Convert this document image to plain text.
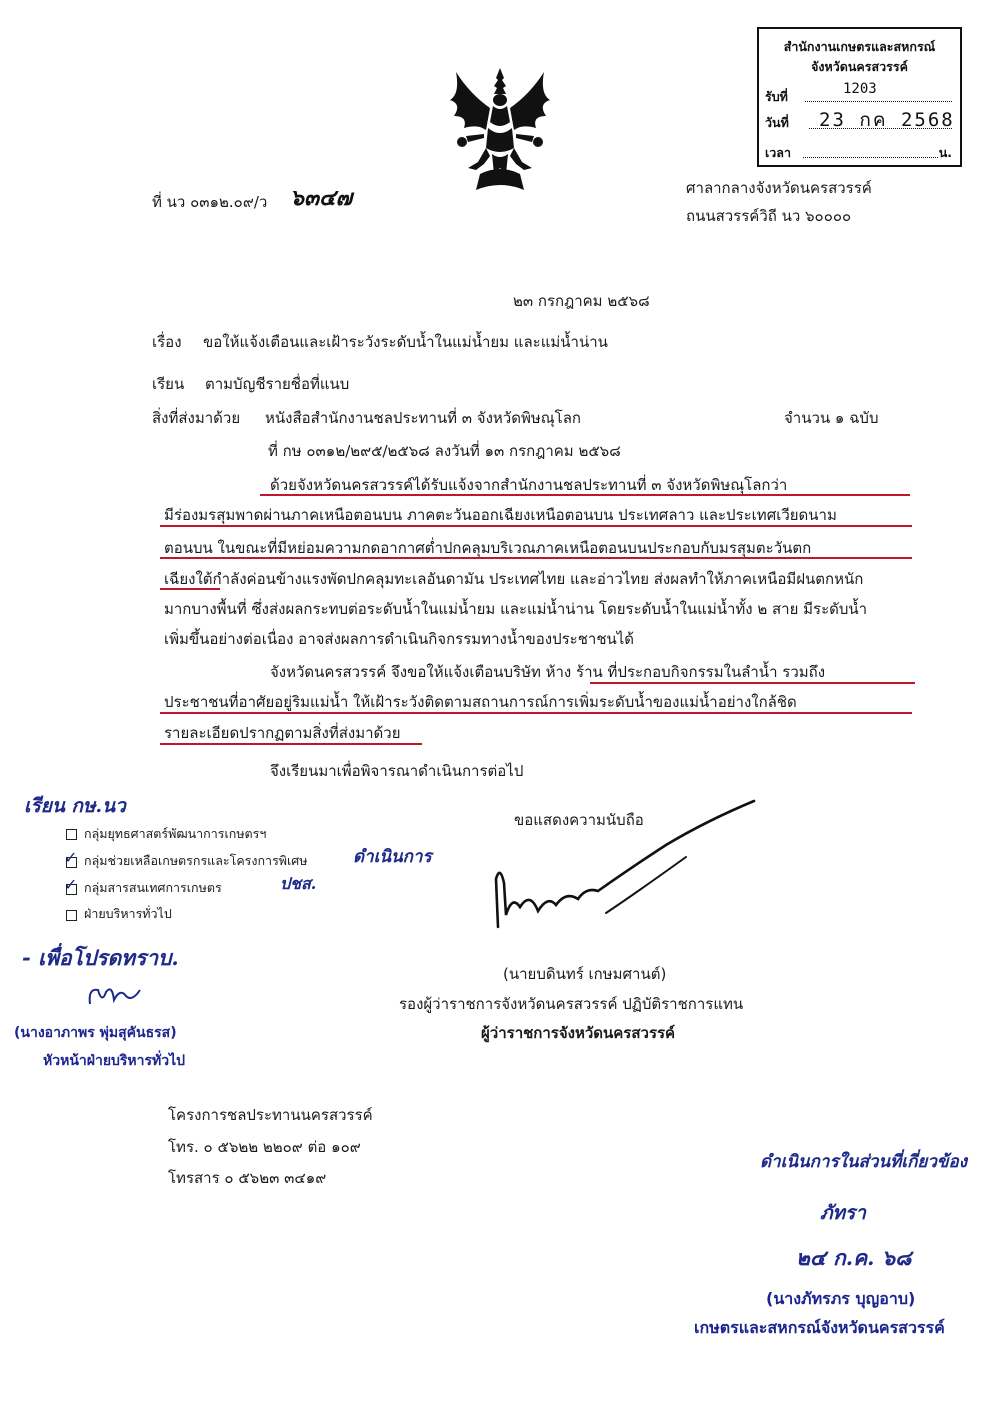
สำนักงานเกษตรและสหกรณ์
จังหวัดนครสวรรค์
รับที่	1203
วันที่	23 กค 2568
เวลา	น.
ที่ นว ๐๓๑๒.๐๙/ว ๖๓๔๗	ศาลากลางจังหวัดนครสวรรค์
ถนนสวรรค์วิถี นว ๖๐๐๐๐
๒๓ กรกฎาคม ๒๕๖๘
เรื่อง ขอให้แจ้งเตือนและเฝ้าระวังระดับน้ำในแม่น้ำยม และแม่น้ำน่าน
เรียน ตามบัญชีรายชื่อที่แนบ
สิ่งที่ส่งมาด้วย หนังสือสำนักงานชลประทานที่ ๓ จังหวัดพิษณุโลก	จำนวน ๑ ฉบับ
ที่ กษ ๐๓๑๒/๒๙๕/๒๕๖๘ ลงวันที่ ๑๓ กรกฎาคม ๒๕๖๘
ด้วยจังหวัดนครสวรรค์ได้รับแจ้งจากสำนักงานชลประทานที่ ๓ จังหวัดพิษณุโลกว่า
มีร่องมรสุมพาดผ่านภาคเหนือตอนบน ภาคตะวันออกเฉียงเหนือตอนบน ประเทศลาว และประเทศเวียดนาม
ตอนบน ในขณะที่มีหย่อมความกดอากาศต่ำปกคลุมบริเวณภาคเหนือตอนบนประกอบกับมรสุมตะวันตก
เฉียงใต้กำลังค่อนข้างแรงพัดปกคลุมทะเลอันดามัน ประเทศไทย และอ่าวไทย ส่งผลทำให้ภาคเหนือมีฝนตกหนัก
มากบางพื้นที่ ซึ่งส่งผลกระทบต่อระดับน้ำในแม่น้ำยม และแม่น้ำน่าน โดยระดับน้ำในแม่น้ำทั้ง ๒ สาย มีระดับน้ำ
เพิ่มขึ้นอย่างต่อเนื่อง อาจส่งผลการดำเนินกิจกรรมทางน้ำของประชาชนได้
จังหวัดนครสวรรค์ จึงขอให้แจ้งเตือนบริษัท ห้าง ร้าน ที่ประกอบกิจกรรมในลำน้ำ รวมถึง
ประชาชนที่อาศัยอยู่ริมแม่น้ำ ให้เฝ้าระวังติดตามสถานการณ์การเพิ่มระดับน้ำของแม่น้ำอย่างใกล้ชิด
รายละเอียดปรากฏตามสิ่งที่ส่งมาด้วย
จึงเรียนมาเพื่อพิจารณาดำเนินการต่อไป
ขอแสดงความนับถือ
(นายบดินทร์ เกษมศานต์)
รองผู้ว่าราชการจังหวัดนครสวรรค์ ปฏิบัติราชการแทน
ผู้ว่าราชการจังหวัดนครสวรรค์
เรียน กษ.นว
กลุ่มยุทธศาสตร์พัฒนาการเกษตรฯ
✓ กลุ่มช่วยเหลือเกษตรกรและโครงการพิเศษ	ดำเนินการ
✓ กลุ่มสารสนเทศการเกษตร	ปชส.
ฝ่ายบริหารทั่วไป
- เพื่อโปรดทราบ.
(นางอาภาพร พุ่มสุคันธรส)
หัวหน้าฝ่ายบริหารทั่วไป
โครงการชลประทานนครสวรรค์
โทร. ๐ ๕๖๒๒ ๒๒๐๙ ต่อ ๑๐๙
โทรสาร ๐ ๕๖๒๓ ๓๔๑๙
ดำเนินการในส่วนที่เกี่ยวข้อง
ภัทรา
๒๔ ก.ค. ๖๘
(นางภัทรภร บุญอาบ)
เกษตรและสหกรณ์จังหวัดนครสวรรค์
